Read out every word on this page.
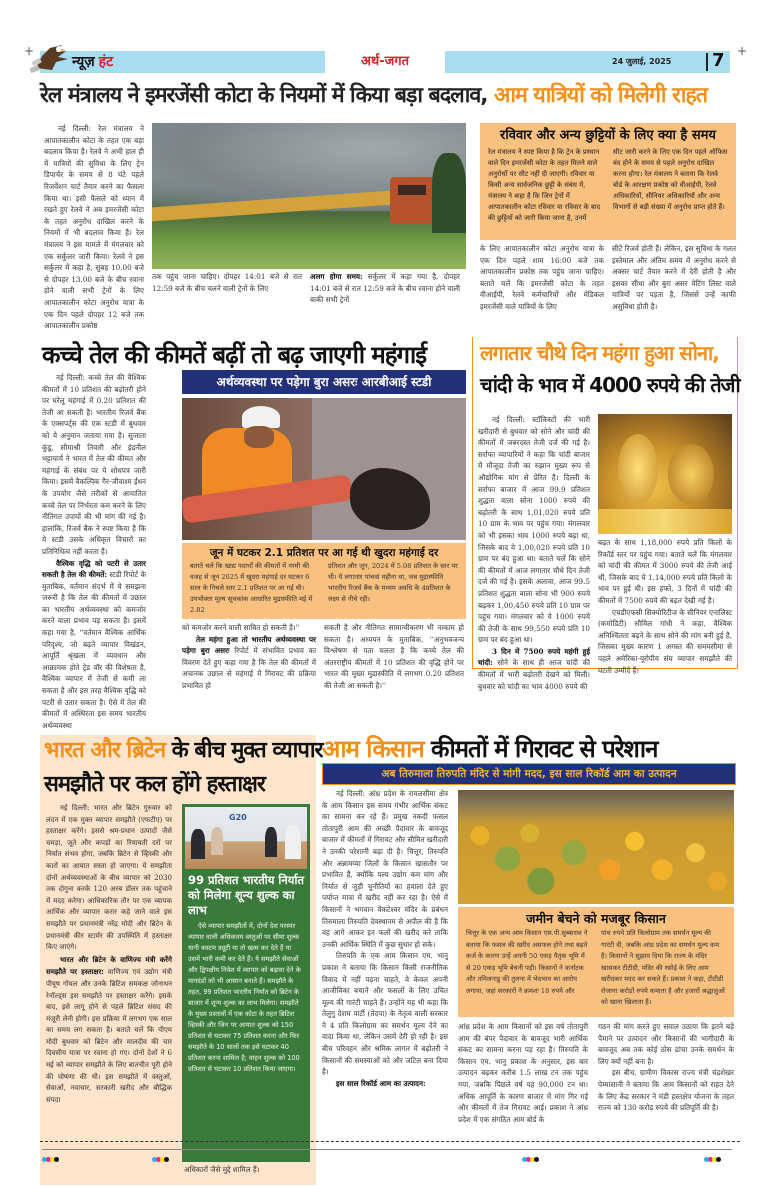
+	+
न्यूज़ हंट	अर्थ-जगत	24 जुलाई, 2025 7
रेल मंत्रालय ने इमरजेंसी कोटा के नियमों में किया बड़ा बदलाव, आम यात्रियों को मिलेगी राहत

नई दिल्ली: रेल मंत्रालय ने आपातकालीन कोटा के तहत एक बड़ा बदलाव किया है। रेलवे ने अभी हाल ही में यात्रियों की सुविधा के लिए ट्रेन डिपार्चर के समय से 8 घंटे पहले रिजर्वेशन चार्ट तैयार करने का फैसला किया था। इसी फैसले को ध्यान में रखते हुए रेलवे ने अब इमरजेंसी कोटा के तहत अनुरोध दाखिल करने के नियमों में भी बदलाव किया है। रेल मंत्रालय ने इस मामले में मंगलवार को एक सर्कुलर जारी किया। रेलवे ने इस सर्कुलर में कहा है, सुबह 10.00 बजे से दोपहर 13.00 बजे के बीच रवाना होने वाली सभी ट्रेनों के लिए आपातकालीन कोटा अनुरोध यात्रा के एक दिन पहले दोपहर 12 बजे तक आपातकालीन प्रकोष्ठ

तक पहुंच जाना चाहिए। दोपहर 14:01 बजे से रात 12:59 बजे के बीच चलने वाली ट्रेनों के लिए

अलग होगा समय: सर्कुलर में कहा गया है, दोपहर 14:01 बजे से रात 12:59 बजे के बीच रवाना होने वाली बाकी सभी ट्रेनों

रविवार और अन्य छुट्टियों के लिए क्या है समय
रेल मंत्रालय ने स्पष्ट किया है कि ट्रेन के प्रस्थान वाले दिन इमरजेंसी कोटा के तहत मिलने वाले अनुरोधों पर सीट नहीं दी जाएगी। रविवार या किसी अन्य सार्वजनिक छुट्टी के संबंध में, मंत्रालय ने कहा है कि जिन ट्रेनों में आपातकालीन कोटा रविवार या रविवार के बाद की छुट्टियों को जारी किया जाना है, उनमें
सीट जारी करने के लिए एक दिन पहले ऑफिस बंद होने के समय से पहले अनुरोध दाखिल करना होगा। रेल मंत्रालय ने बताया कि रेलवे बोर्ड के आरक्षण प्रकोष्ठ को वीआईपी, रेलवे अधिकारियों, सीनियर अधिकारियों और अन्य विभागों से बड़ी संख्या में अनुरोध प्राप्त होते हैं।

के लिए आपातकालीन कोटा अनुरोध यात्रा के एक दिन पहले शाम 16:00 बजे तक आपातकालीन प्रकोष्ठ तक पहुंच जाना चाहिए। बताते चलें कि इमरजेंसी कोटा के तहत वीआईपी, रेलवे कर्मचारियों और मेडिकल इमरजेंसी वाले यात्रियों के लिए

सीटें रिजर्व होती हैं। लेकिन, इस सुविधा के गलत इस्तेमाल और अंतिम समय में अनुरोध करने से अक्सर चार्ट तैयार करने में देरी होती है और इसका सीधा और बुरा असर वेटिंग लिस्ट वाले यात्रियों पर पड़ता है, जिससे उन्हें काफी असुविधा होती है।

कच्चे तेल की कीमतें बढ़ीं तो बढ़ जाएगी महंगाई

नई दिल्ली: कच्चे तेल की वैश्विक कीमतों में 10 प्रतिशत की बढ़ोतरी होने पर घरेलू महंगाई में 0.20 प्रतिशत की तेजी आ सकती है। भारतीय रिजर्व बैंक के एक्सपर्ट्स की एक स्टडी में बुधवार को ये अनुमान जताया गया है। सुजाता कुंडू, सौमाश्री तिवारी और इंद्रनील भट्टाचार्य ने भारत में तेल की कीमत और महंगाई के संबंध पर ये शोधपत्र जारी किया। इसमें वैकल्पिक गैर-जीवाश्म ईंधन के उपयोग जैसे तरीकों से आयातित कच्चे तेल पर निर्भरता कम करने के लिए नीतिगत उपायों की भी मांग की गई है। हालांकि, रिजर्व बैंक ने स्पष्ट किया है कि ये स्टडी उसके अधिकृत विचारों का प्रतिनिधित्व नहीं करता है।

वैश्विक वृद्धि को पटरी से उतार सकती है तेल की कीमतें: स्टडी रिपोर्ट के मुताबिक, वर्तमान संदर्भ में ये समझना जरूरी है कि तेल की कीमतों में उछाल का भारतीय अर्थव्यवस्था को कमजोर करने वाला प्रभाव पड़ सकता है। इसमें कहा गया है, ''वर्तमान वैश्विक आर्थिक परिदृश्य, जो बढ़ते व्यापार विखंडन, आपूर्ति श्रृंखला में व्यवधान और आक्रामक होते ट्रेड वॉर की विशेषता है, वैश्विक व्यापार में तेजी से कमी ला सकता है और इस तरह वैश्विक वृद्धि को पटरी से उतार सकता है। ऐसे में तेल की कीमतों में अस्थिरता इस समय भारतीय अर्थव्यवस्था

अर्थव्यवस्था पर पड़ेगा बुरा असरः आरबीआई स्टडी
जून में घटकर 2.1 प्रतिशत पर आ गई थी खुदरा महंगाई दर
बताते चलें कि खाद्य पदार्थों की कीमतों में नरमी की वजह से जून 2025 में खुदरा महंगाई दर घटकर 6 साल के निचले स्तर 2.1 प्रतिशत पर आ गई थी। उपभोक्ता मूल्य सूचकांक आधारित मुद्रास्फीति मई में 2.82
प्रतिशत और जून, 2024 में 5.08 प्रतिशत के स्तर पर थी। ये लगातार पांचवां महीना था, जब मुद्रास्फीति भारतीय रिजर्व बैंक के मध्यम अवधि के 4प्रतिशत के लक्ष्य से नीचे रही।

को कमजोर करने वाली साबित हो सकती है।''

तेल महंगा हुआ तो भारतीय अर्थव्यवस्था पर पड़ेगा बुरा असरः रिपोर्ट में संभावित प्रभाव का विवरण देते हुए कहा गया है कि तेल की कीमतों में अचानक उछाल से महंगाई में गिरावट की प्रक्रिया प्रभावित हो

सकती है और नीतिगत सामान्यीकरण भी नाकाम हो सकता है। अध्ययन के मुताबिक, ''अनुभवजन्य विश्लेषण से पता चलता है कि कच्चे तेल की अंतरराष्ट्रीय कीमतों में 10 प्रतिशत की वृद्धि होने पर भारत की मुख्य मुद्रास्फीति में लगभग 0.20 प्रतिशत की तेजी आ सकती है।''

लगातार चौथे दिन महंगा हुआ सोना,
चांदी के भाव में 4000 रुपये की तेजी

नई दिल्ली: स्टॉकिस्टों की भारी खरीदारी से बुधवार को सोने और चांदी की कीमतों में जबरदस्त तेजी दर्ज की गई है। सर्राफा व्यापारियों ने कहा कि चांदी बाजार में मौजूदा तेजी का रुझान मुख्य रूप से औद्योगिक मांग से प्रेरित है। दिल्ली के सर्राफा बाजार में आज 99.9 प्रतिशत शुद्धता वाला सोना 1000 रुपये की बढ़ोतरी के साथ 1,01,020 रुपये प्रति 10 ग्राम के भाव पर पहुंच गया। मंगलवार को भी इसका भाव 1000 रुपये बढ़ा था, जिसके बाद ये 1,00,020 रुपये प्रति 10 ग्राम पर बंद हुआ था। बताते चलें कि सोने की कीमतों में आज लगातार चौथे दिन तेजी दर्ज की गई है। इसके अलावा, आज 99.5 प्रतिशत शुद्धता वाला सोना भी 900 रुपये बढ़कर 1,00,450 रुपये प्रति 10 ग्राम पर पहुंच गया। मंगलवार को ये 1000 रुपये की तेजी के साथ 99,550 रुपये प्रति 10 ग्राम पर बंद हुआ था।

3 दिन में 7500 रुपये महंगी हुई चांदी: सोने के साथ ही आज चांदी की कीमतों में भारी बढ़ोतरी देखने को मिली। बुधवार को चांदी का भाव 4000 रुपये की

बढ़त के साथ 1,18,000 रुपये प्रति किलो के रिकॉर्ड स्तर पर पहुंच गया। बताते चलें कि मंगलवार को चांदी की कीमत में 3000 रुपये की तेजी आई थी, जिसके बाद ये 1,14,000 रुपये प्रति किलो के भाव पर हुई थी। इस हफ्ते, 3 दिनों में चांदी की कीमतों में 7500 रुपये की बढ़त देखी गई है।

एचडीएफसी सिक्योरिटीज के सीनियर एनालिस्ट (कमोडिटी) सौमिल गांधी ने कहा, वैश्विक अनिश्चितता बढ़ने के साथ सोने की मांग बनी हुई है, जिसका मुख्य कारण 1 अगस्त की समयसीमा से पहले अमेरिका-यूरोपीय संघ व्यापार समझौते की घटती उम्मीदें हैं।

भारत और ब्रिटेन के बीच मुक्त व्यापार
समझौते पर कल होंगे हस्ताक्षर

नई दिल्ली: भारत और ब्रिटेन गुरुवार को लंदन में एक मुक्त व्यापार समझौते (एफटीए) पर हस्ताक्षर करेंगे। इससे श्रम-प्रधान उत्पादों जैसे चमड़ा, जूते और कपड़ों का रियायती दरों पर निर्यात संभव होगा, जबकि ब्रिटेन से व्हिस्की और कारों का आयात सस्ता हो जाएगा। ये समझौता दोनों अर्थव्यवस्थाओं के बीच व्यापार को 2030 तक दोगुना करके 120 अरब डॉलर तक पहुंचाने में मदद करेगा। आधिकारिक तौर पर एक व्यापक आर्थिक और व्यापार करार कहे जाने वाले इस समझौते पर प्रधानमंत्री नरेंद्र मोदी और ब्रिटेन के प्रधानमंत्री कीर स्टार्मर की उपस्थिति में हस्ताक्षर किए जाएंगे।

भारत और ब्रिटेन के वाणिज्य मंत्री करेंगे समझौते पर हस्ताक्षर: वाणिज्य एवं उद्योग मंत्री पीयूष गोयल और उनके ब्रिटिश समकक्ष जोनाथन रेनॉल्ड्स इस समझौते पर हस्ताक्षर करेंगे। इसके बाद, इसे लागू होने से पहले ब्रिटिश संसद की मंजूरी लेनी होगी। इस प्रक्रिया में लगभग एक साल का समय लग सकता है। बताते चलें कि पीएम मोदी बुधवार को ब्रिटेन और मालदीव की चार दिवसीय यात्रा पर रवाना हो गए। दोनों देशों ने 6 मई को व्यापार समझौते के लिए बातचीत पूरी होने की घोषणा की थी। इस समझौते में वस्तुओं, सेवाओं, नवाचार, सरकारी खरीद और बौद्धिक संपदा

G20
99 प्रतिशत भारतीय निर्यात को मिलेगा शून्य शुल्क का लाभ
ऐसे व्यापार समझौतों में, दोनों देश परस्पर व्यापार वाली अधिकतम वस्तुओं पर सीमा शुल्क यानी कस्टम ड्यूटी या तो खत्म कर देते हैं या उसमें भारी कमी कर देते हैं। ये समझौते सेवाओं और द्विपक्षीय निवेश में व्यापार को बढ़ावा देने के मानदंडों को भी आसान बनाते हैं। समझौते के तहत, 99 प्रतिशत भारतीय निर्यात को ब्रिटेन के बाजार में शून्य शुल्क का लाभ मिलेगा। समझौते के मुख्य प्रस्तावों में एक कोटा के तहत ब्रिटिश व्हिस्की और जिन पर आयात शुल्क को 150 प्रतिशत से घटाकर 75 प्रतिशत करना और फिर समझौते के 10 सालों तक इसे घटाकर 40 प्रतिशत करना शामिल है; वाहन शुल्क को 100 प्रतिशत से घटाकर 10 प्रतिशत किया जाएगा।

अधिकारों जैसे मुद्दे शामिल हैं।

आम किसान कीमतों में गिरावट से परेशान
अब तिरुमाला तिरुपति मंदिर से मांगी मदद, इस साल रिकॉर्ड आम का उत्पादन

नई दिल्ली: आंध्र प्रदेश के रायलसीमा क्षेत्र के आम किसान इस समय गंभीर आर्थिक संकट का सामना कर रहे हैं। प्रमुख नकदी फसल तोतापुरी आम की अच्छी पैदावार के बावजूद बाजार में कीमतों में गिरावट और सीमित खरीदारी ने उनकी परेशानी बढ़ा दी है। चित्तूर, तिरुपति और अन्नामय्या जिलों के किसान खासतौर पर प्रभावित हैं, क्योंकि पल्प उद्योग कम मांग और निर्यात से जुड़ी चुनौतियों का हवाला देते हुए पर्याप्त मात्रा में खरीद नहीं कर रहा है। ऐसे में किसानों ने भगवान वेंकटेश्वर मंदिर के प्रबंधन तिरुमाला तिरुपति देवस्थानम से अपील की है कि वह आगे आकर इन फलों की खरीद करे ताकि उनकी आर्थिक स्थिति में कुछ सुधार हो सके।

तिरुपति के एक आम किसान एम. भानु प्रकाश ने बताया कि किसान किसी राजनीतिक विवाद में नहीं पड़ना चाहते, वे केवल अपनी आजीविका बचाने और फसलों के लिए उचित मूल्य की गारंटी चाहते हैं। उन्होंने यह भी कहा कि तेलुगु देशम पार्टी (तेदपा) के नेतृत्व वाली सरकार ने 4 प्रति किलोग्राम का समर्थन मूल्य देने का वादा किया था, लेकिन उसमें देरी हो रही है। इस बीच परिवहन और श्रमिक लागत में बढ़ोतरी ने किसानों की समस्याओं को और जटिल बना दिया है।

इस साल रिकॉर्ड आम का उत्पादन:

जमीन बेचने को मजबूर किसान
चित्तूर के एक अन्य आम किसान एस.पी.सुब्बाराव ने बताया कि फसल की खरीद असफल होने तथा बढ़ते कर्ज के कारण उन्हें अपनी 50 एकड़ पैतृक भूमि में से 20 एकड़ भूमि बेचनी पड़ी। किसानों ने कर्नाटक और तमिलनाडु की तुलना में भेदभाव का आरोप लगाया, जहां सरकारों ने क्रमशः 18 रुपये और
पांच रुपये प्रति किलोग्राम तक समर्थन मूल्य की गारंटी दी, जबकि आंध्र प्रदेश का समर्थन मूल्य कम है। किसानों ने सुझाव दिया कि राज्य के मंदिर खासकर टीटीडी, मंदिर की रसोई के लिए आम खरीदकर मदद कर सकते हैं। प्रकाश ने कहा, टीटीडी रोजाना करोड़ों रुपये कमाता है और हजारों श्रद्धालुओं को खाना खिलाता है।

आंध्र प्रदेश के आम किसानों को इस वर्ष तोतापुरी आम की बंपर पैदावार के बावजूद भारी आर्थिक संकट का सामना करना पड़ रहा है। तिरुपति के किसान एम. भानु प्रकाश के अनुसार, इस बार उत्पादन बढ़कर करीब 1.5 लाख टन तक पहुंच गया, जबकि पिछले वर्ष यह 90,000 टन था। अधिक आपूर्ति के कारण बाजार में मांग गिर गई और कीमतों में तेज गिरावट आई। प्रकाश ने आंध्र प्रदेश में एक संगठित आम बोर्ड के

गठन की मांग करते हुए सवाल उठाया कि इतने बड़े पैमाने पर उत्पादन और किसानों की भागीदारी के बावजूद अब तक कोई ठोस ढांचा उनके समर्थन के लिए क्यों नहीं बना है।

इस बीच, ग्रामीण विकास राज्य मंत्री चंद्रशेखर पेम्मासानी ने बताया कि आम किसानों को राहत देने के लिए केंद्र सरकार ने मंडी हस्तक्षेप योजना के तहत राज्य को 130 करोड़ रुपये की प्रतिपूर्ति की है।
